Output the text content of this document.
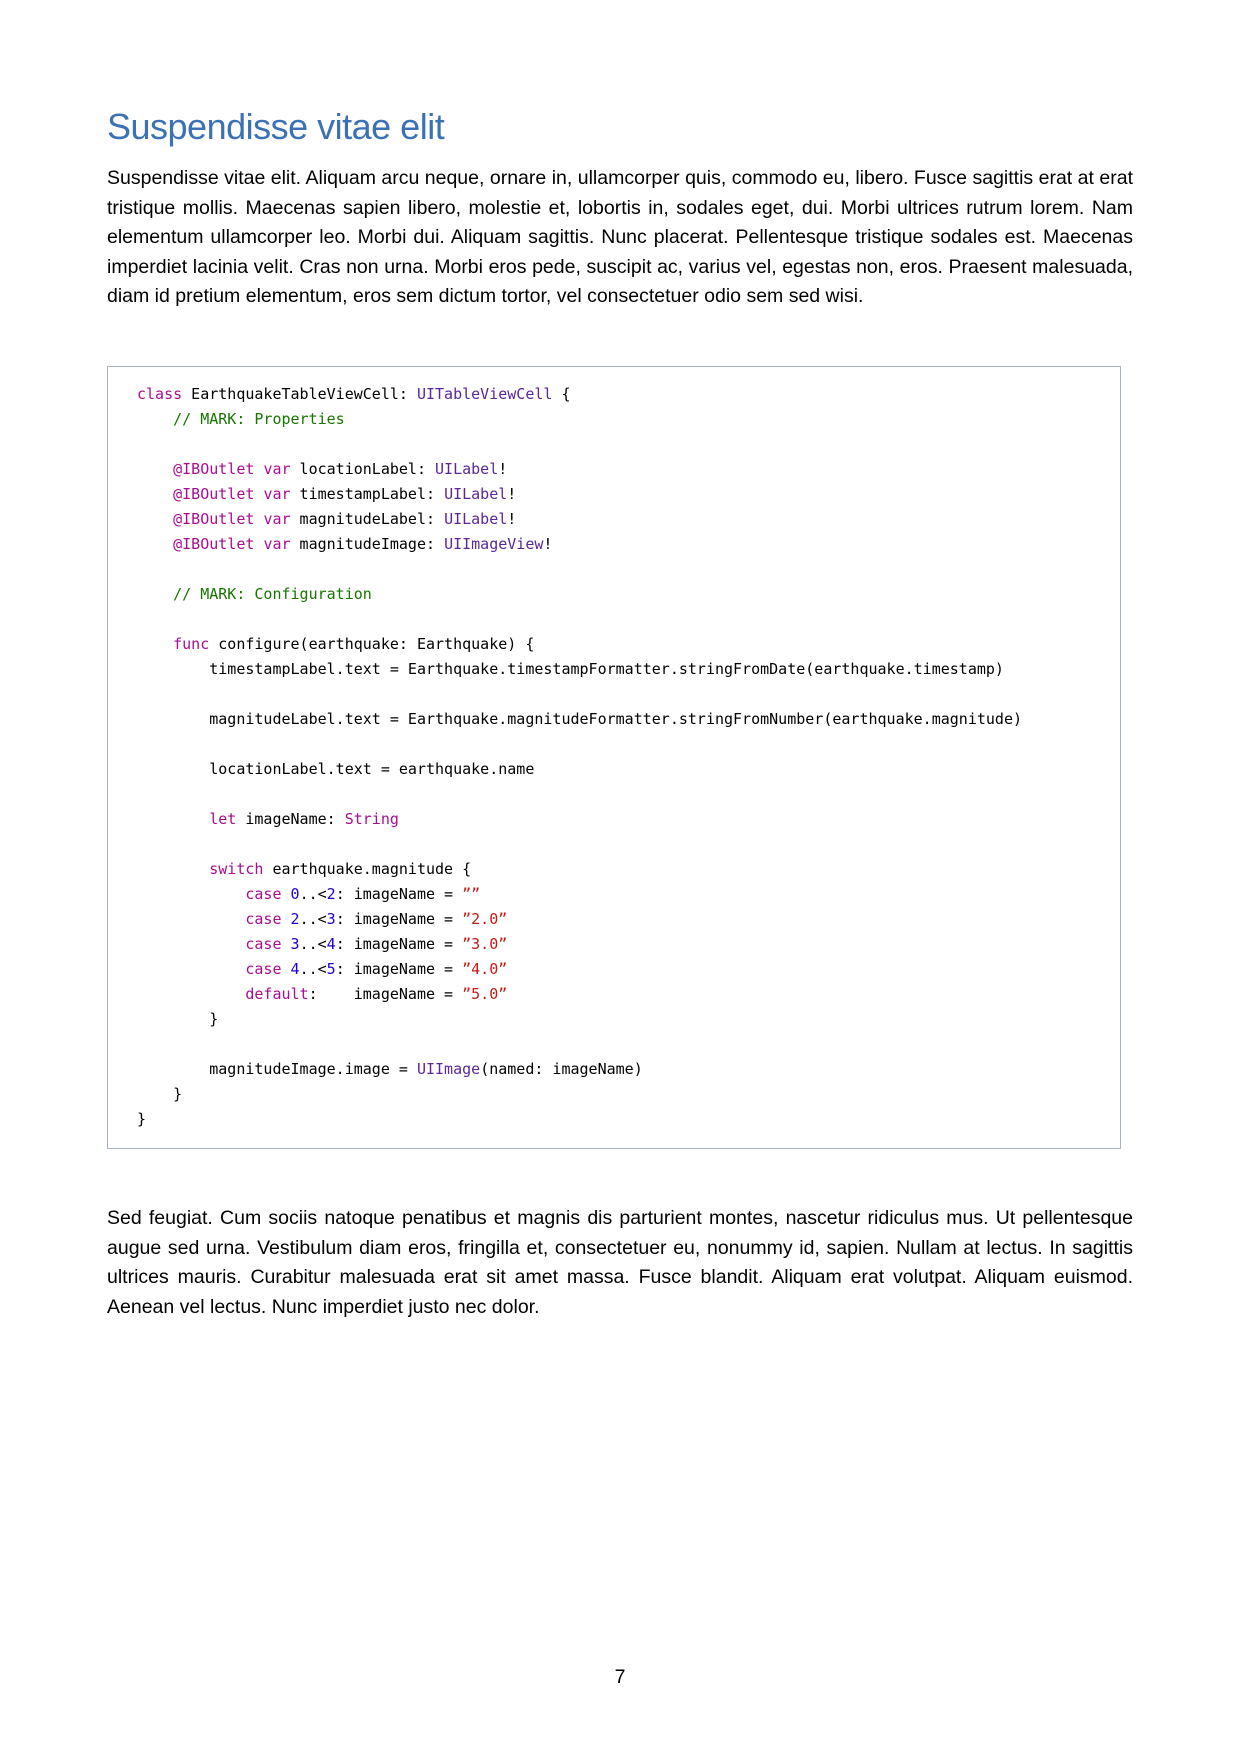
Suspendisse vitae elit

Suspendisse vitae elit. Aliquam arcu neque, ornare in, ullamcorper quis, commodo eu, libero. Fusce sagittis erat at erat tristique mollis. Maecenas sapien libero, molestie et, lobortis in, sodales eget, dui. Morbi ultrices rutrum lorem. Nam elementum ullamcorper leo. Morbi dui. Aliquam sagittis. Nunc placerat. Pellentesque tristique sodales est. Maecenas imperdiet lacinia velit. Cras non urna. Morbi eros pede, suscipit ac, varius vel, egestas non, eros. Praesent malesuada, diam id pretium elementum, eros sem dictum tortor, vel consectetuer odio sem sed wisi.

class EarthquakeTableViewCell: UITableViewCell {
// MARK: Properties

@IBOutlet var locationLabel: UILabel!
@IBOutlet var timestampLabel: UILabel!
@IBOutlet var magnitudeLabel: UILabel!
@IBOutlet var magnitudeImage: UIImageView!

// MARK: Configuration

func configure(earthquake: Earthquake) {
timestampLabel.text = Earthquake.timestampFormatter.stringFromDate(earthquake.timestamp)

magnitudeLabel.text = Earthquake.magnitudeFormatter.stringFromNumber(earthquake.magnitude)

locationLabel.text = earthquake.name

let imageName: String

switch earthquake.magnitude {
case 0..<2: imageName = ””
case 2..<3: imageName = ”2.0”
case 3..<4: imageName = ”3.0”
case 4..<5: imageName = ”4.0”
default:    imageName = ”5.0”
}

magnitudeImage.image = UIImage(named: imageName)
}
}

Sed feugiat. Cum sociis natoque penatibus et magnis dis parturient montes, nascetur ridiculus mus. Ut pellentesque augue sed urna. Vestibulum diam eros, fringilla et, consectetuer eu, nonummy id, sapien. Nullam at lectus. In sagittis ultrices mauris. Curabitur malesuada erat sit amet massa. Fusce blandit. Aliquam erat volutpat. Aliquam euismod. Aenean vel lectus. Nunc imperdiet justo nec dolor.

7
